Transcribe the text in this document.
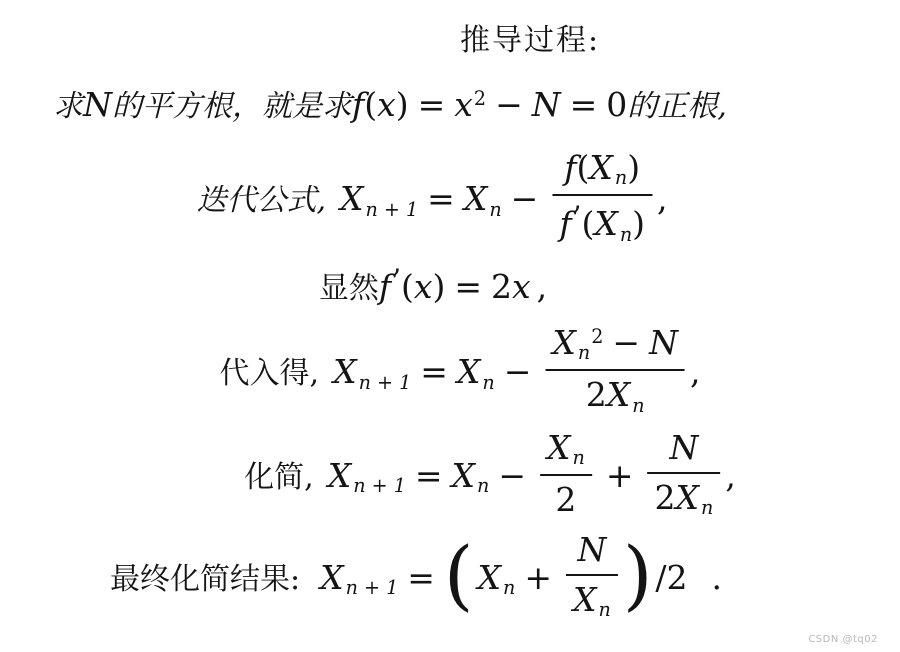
推导过程:
求N的平方根，就是求$f(x) = x^2 - N = 0$的正根,
迭代公式, X n + 1 = X $n - \frac{\text{f(X n)}}{f^’(X n)}$ ,
显然f’(x) = 2x ,
代入得, X n + 1 = X $n - \frac{X n^2 - N}{\text{2X n}}$ ,
化简, X n + 1 = X $n - \frac{\text{X n}}{2} + \frac{N}{\text{2X n}}$ ,
最终化简结果: X n + 1 = ( X $n + \frac{N}{\text{X n}} )/2$ .
CSDN @tq02
